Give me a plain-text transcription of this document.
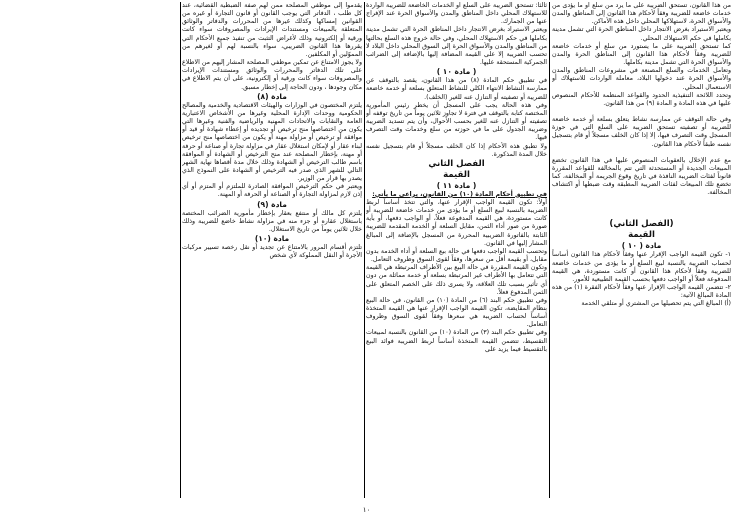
من هذا القانون، تستحق الضريبة على ما يرد من سلع أو ما يؤدى من خدمات خاضعة للضريبة وفقاً لأحكام هذا القانون إلى المناطق والمدن والأسواق الحرة، لاستهلاكها المحلي داخل هذه الأماكن.

ويعتبر الاستيراد بغرض الانتجار داخل المناطق الحرة التي تشمل مدينة بكاملها في حكم الاستهلاك المحلي.

كما تستحق الضريبة على ما يستورد من سلع أو خدمات خاضعة للضريبة وفقاً لأحكام هذا القانون إلى المناطق الحرة والمدن والأسواق الحرة التي تشمل مدينة بكاملها.

وتعامل الخدمات والسلع المصنعة في مشروعات المناطق والمدن والأسواق الحرة عند دخولها البلاد، معاملة الواردات للاستهلاك أو الاستعمال المحلي.

وتحدد اللائحة التنفيذية الحدود والقواعد المنظمة للأحكام المنصوص عليها في هذه المادة و المادة (٩) من هذا القانون.

وفي حالة التوقف عن ممارسة نشاط يتعلق بسلعة أو خدمة خاضعة للضريبة أو تصفيته تستحق الضريبة على السلع التي في حوزة المسجل وقت التصرف فيها، إلا إذا كان الخلف مسجلاً أو قام بتسجيل نفسه طبقاً لأحكام هذا القانون.

مع عدم الإخلال بالعقوبات المنصوص عليها في هذا القانون تخضع المبيعات الجديدة أو المستحدثة التي تتم بالمخالفة للقواعد المقررة قانوناً لفئات الضريبة النافذة في تاريخ وقوع الجريمة أو المخالفة، كما تخضع تلك المبيعات لفئات الضريبة المطبقة وقت ضبطها أو اكتشاف المخالفة.

(الفصل الثاني)

القيمة

مادة ( ١٠ )

١- تكون القيمة الواجب الإقرار عنها وفقاً لأحكام هذا القانون أساساً لحساب الضريبة بالنسبة لبيع السلع أو ما يؤدى من خدمات خاضعة للضريبة وفقاً لأحكام هذا القانون أو كانت مستوردة، هي القيمة المدفوعة فعلاً أو الواجب دفعها بحسب القيمة الطبيعية للأمور.

٢- تتضمن القيمة الواجب الإقرار عنها وفقاً لأحكام الفقرة (١) من هذه المادة المبالغ الآتية:

(أ) المبالغ التي يتم تحصيلها من المشتري أو متلقي الخدمة

ثالثاً: تستحق الضريبة على السلع أو الخدمات الخاضعة للضريبة الواردة للاستهلاك المحلي داخل المناطق والمدن والأسواق الحرة عند الإفراج عنها من الجمارك.

ويعتبر الاستيراد بغرض الانتجار داخل المناطق الحرة التي تشمل مدينة بكاملها في حكم الاستهلاك المحلي، وفي حالة خروج هذه السلع بحالتها من المناطق والمدن والأسواق الحرة إلى السوق المحلي داخل البلاد لا تحسب الضريبة إلا على القيمة المضافة إليها بالإضافة إلى الضرائب الجمركية المستحقة عليها.

( مادة ١٠ )

في تطبيق حكم المادة (٨) من هذا القانون، يقصد بالتوقف عن ممارسة النشاط الانتهاء الكلي للنشاط المتعلق بسلعة أو خدمة خاضعة للضريبة أو تصفيته أو التنازل عنه للغير (الخلف).

وفي هذه الحالة يجب على المسجل أن يخطر رئيس المأمورية المختصة كتابة بالتوقف في فترة لا تجاوز ثلاثين يوماً من تاريخ توقفه أو تصفيته أو التنازل عنه للغير بحسب الأحوال، وأن يتم تسديد الضريبة وضريبة الجدول على ما في حوزته من سلع وخدمات وقت التصرف فيها.

ولا تطبق هذه الأحكام إذا كان الخلف مسجلاً أو قام بتسجيل نفسه خلال المدة المذكورة.

الفصل الثاني

القيمة

( مادة ١١ )

في تطبيق أحكام المادة (١٠) من القانون، يراعى ما يأتي:

أولاً: تكون القيمة الواجب الإقرار عنها، والتي تتخذ أساساً لربط الضريبة بالنسبة لبيع السلع أو ما يؤدى من خدمات خاضعة للضريبة أو كانت مستوردة، هي القيمة المدفوعة فعلاً، أو الواجب دفعها، أو بأية صورة من صور أداء الثمن، مقابل السلعة أو الخدمة المقدمة للضريبة الثابتة بالفاتورة الضريبية المحررة من المسجل بالإضافة إلى المبالغ المشار إليها في القانون.

وتحسب القيمة الواجب دفعها في حالة بيع السلعة أو أداء الخدمة بدون مقابل، أو بقيمة أقل من سعرها، وفقاً لقوى السوق وظروف التعامل.

وتكون القيمة المقررة في حالة البيع بين الأطراف المرتبطة هي القيمة التي تتعامل بها الأطراف غير المرتبطة بسلعة أو خدمة مماثلة من دون أي تأثير بسبب تلك العلاقة، ولا يسرى ذلك على الخصم المتعلق على الثمن المدفوع فعلاً.

وفي تطبيق حكم البند (٦) من المادة (١٠) من القانون، في حالة البيع بنظام المقايضة، تكون القيمة الواجب الإقرار عنها هي القيمة المتخذة أساساً لحساب الضريبة هي سعرها وفقاً لقوى السوق وظروف التعامل.

وفي تطبيق حكم البند (٣) من المادة (١٠) من القانون بالنسبة لمبيعات التقسيط، تتضمن القيمة المتخذة أساساً لربط الضريبة فوائد البيع بالتقسيط فيما يزيد على

يقدموا إلى موظفي المصلحة ممن لهم صفة الضبطية القضائية، عند كل طلب ، الدفاتر التي يوجب القانون أو قانون التجارة أو غيره من القوانين إمساكها وكذلك غيرها من المحررات والدفاتر والوثائق المتعلقة بالمبيعات ومستندات الإيرادات والمصروفات سواء كانت ورقية أو إلكترونية وذلك لأغراض التثبت من تنفيذ جميع الأحكام التي يقررها هذا القانون الضريبي، سواء بالنسبة لهم أو لغيرهم من المموّلين أو المكلفين.

ولا يجوز الامتناع عن تمكين موظفي المصلحة المشار إليهم من الاطلاع على تلك الدفاتر والمحررات والوثائق ومستندات الإيرادات والمصروفات سواء كانت ورقية أو إلكترونية، على أن يتم الاطلاع في مكان وجودها ، ودون الحاجة إلى إخطار مسبق.

مادة (٨)

يلتزم المختصون في الوزارات والهيئات الاقتصادية والخدمية والمصالح الحكومية ووحدات الإدارة المحلية وغيرها من الأشخاص الاعتبارية العامة والنقابات والاتحادات المهنية والرياضية والفنية وغيرها التي يكون من اختصاصها منح ترخيص أو تجديده أو إعطاء شهادة أو قيد أو موافقة أو ترخيص أو مزاولة مهنة أو يكون من اختصاصها منح ترخيص لبناء عقار أو لإمكان استغلال عقار في مزاولة تجارة أو صناعة أو حرفة أو مهنة، بإخطار المصلحة عند منح الترخيص أو الشهادة أو الموافقة باسم طالب الترخيص أو الشهادة وذلك خلال مدة أقصاها نهاية الشهر التالي للشهر الذي صدر فيه الترخيص أو الشهادة على النموذج الذي يصدر بها قرار من الوزير.

ويعتبر في حكم الترخيص الموافقة الصادرة للملتزم أو المتزم أو أي إذن لازم لمزاولة التجارة أو الصناعة أو الحرفة أو المهنة.

مادة (٩)

يلتزم كل مالك أو منتفع بعقار بإخطار مأمورية الضرائب المختصة باستغلال عقاره أو جزء منه في مزاولة نشاط خاضع للضريبة وذلك خلال ثلاثين يوماً من تاريخ الاستغلال.

مادة (١٠)

تلتزم أقسام المرور بالامتناع عن تجديد أو نقل رخصة تسيير مركبات الأجرة أو النقل المملوكة لأي شخص

١٠
